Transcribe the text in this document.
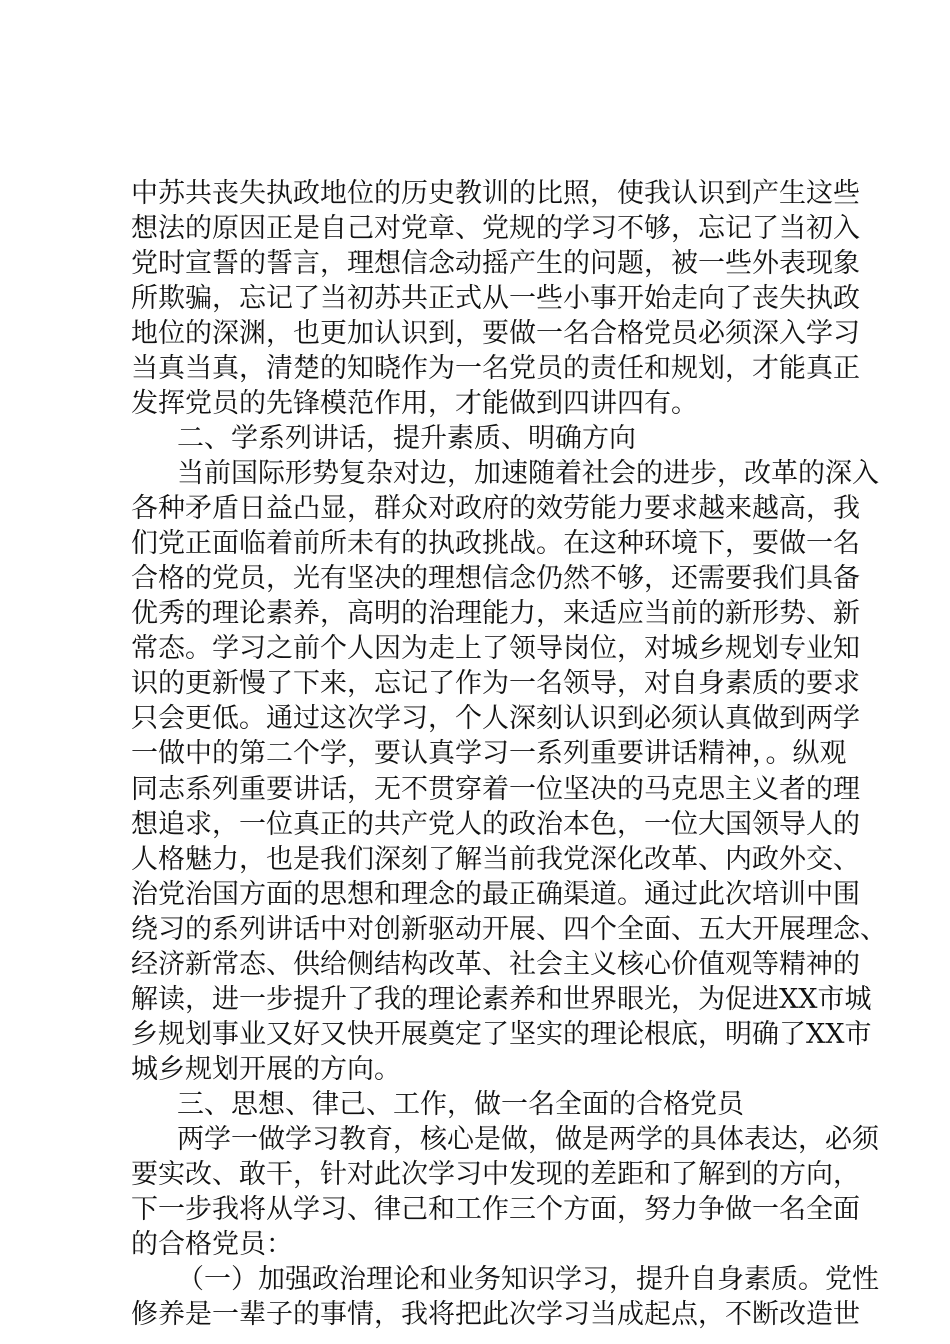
中苏共丧失执政地位的历史教训的比照，使我认识到产生这些

想法的原因正是自己对党章、党规的学习不够，忘记了当初入

党时宣誓的誓言，理想信念动摇产生的问题，被一些外表现象

所欺骗，忘记了当初苏共正式从一些小事开始走向了丧失执政

地位的深渊，也更加认识到，要做一名合格党员必须深入学习

当真当真，清楚的知晓作为一名党员的责任和规划，才能真正

发挥党员的先锋模范作用，才能做到四讲四有。

二、学系列讲话，提升素质、明确方向

当前国际形势复杂对边，加速随着社会的进步，改革的深入

各种矛盾日益凸显，群众对政府的效劳能力要求越来越高，我

们党正面临着前所未有的执政挑战。在这种环境下，要做一名

合格的党员，光有坚决的理想信念仍然不够，还需要我们具备

优秀的理论素养，高明的治理能力，来适应当前的新形势、新

常态。学习之前个人因为走上了领导岗位，对城乡规划专业知

识的更新慢了下来，忘记了作为一名领导，对自身素质的要求

只会更低。通过这次学习，个人深刻认识到必须认真做到两学

一做中的第二个学，要认真学习一系列重要讲话精神，。纵观

同志系列重要讲话，无不贯穿着一位坚决的马克思主义者的理

想追求，一位真正的共产党人的政治本色，一位大国领导人的

人格魅力，也是我们深刻了解当前我党深化改革、内政外交、

治党治国方面的思想和理念的最正确渠道。通过此次培训中围

绕习的系列讲话中对创新驱动开展、四个全面、五大开展理念、

经济新常态、供给侧结构改革、社会主义核心价值观等精神的

解读，进一步提升了我的理论素养和世界眼光，为促进XX市城

乡规划事业又好又快开展奠定了坚实的理论根底，明确了XX市

城乡规划开展的方向。

三、思想、律己、工作，做一名全面的合格党员

两学一做学习教育，核心是做，做是两学的具体表达，必须

要实改、敢干，针对此次学习中发现的差距和了解到的方向，

下一步我将从学习、律己和工作三个方面，努力争做一名全面

的合格党员：

（一）加强政治理论和业务知识学习，提升自身素质。党性

修养是一辈子的事情，我将把此次学习当成起点，不断改造世
